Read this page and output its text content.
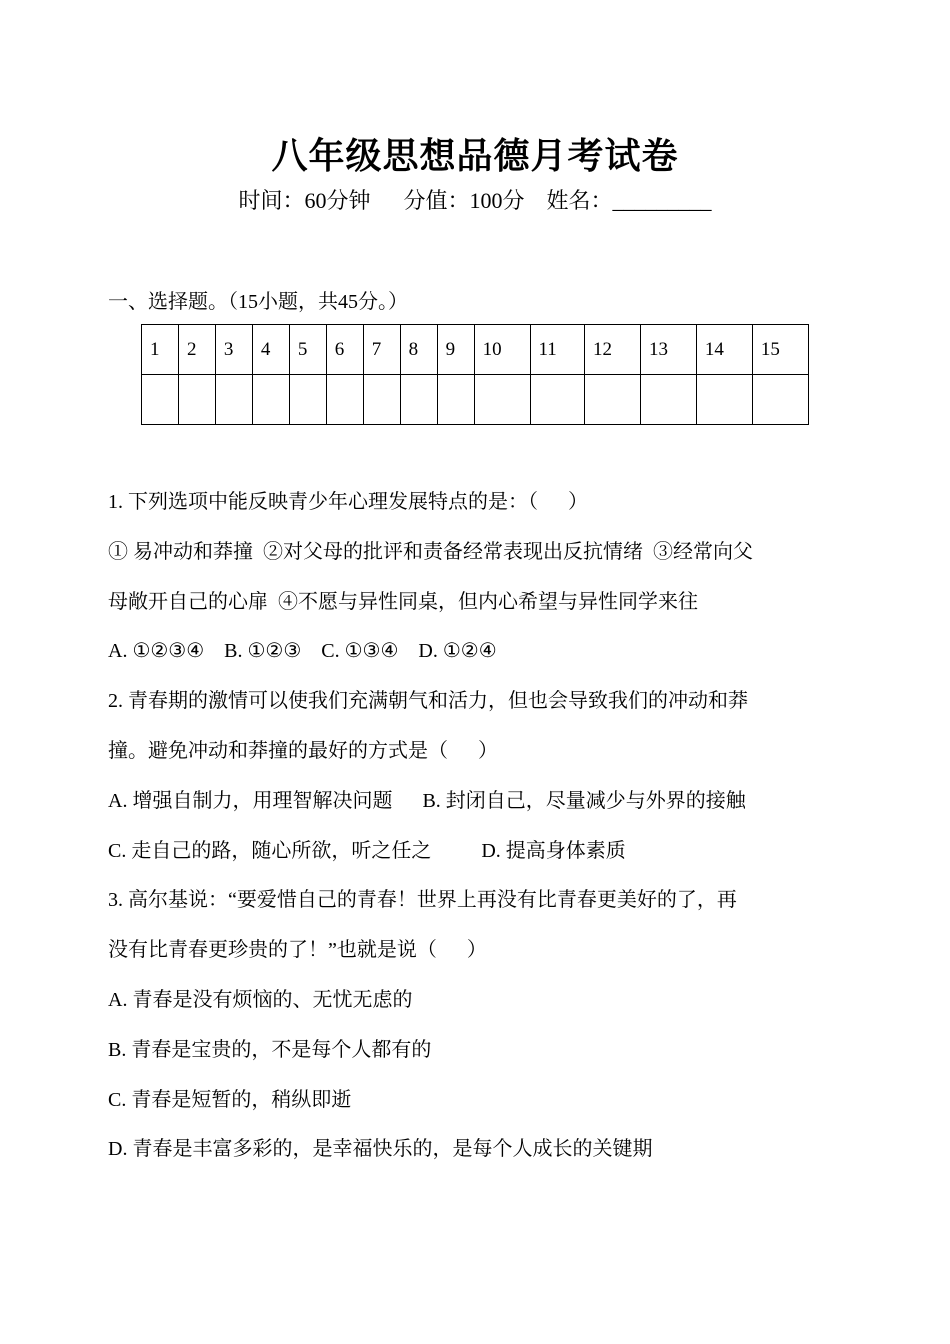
八年级思想品德月考试卷
时间：60分钟      分值：100分    姓名：_________
一、选择题。（15小题，共45分。）
1	2	3	4	5	6	7	8	9	10	11	12	13	14	15

1. 下列选项中能反映青少年心理发展特点的是：（      ）
① 易冲动和莽撞  ②对父母的批评和责备经常表现出反抗情绪  ③经常向父
母敞开自己的心扉  ④不愿与异性同桌，但内心希望与异性同学来往
A. ①②③④    B. ①②③    C. ①③④    D. ①②④
2. 青春期的激情可以使我们充满朝气和活力，但也会导致我们的冲动和莽
撞。避免冲动和莽撞的最好的方式是（      ）
A. 增强自制力，用理智解决问题      B. 封闭自己，尽量减少与外界的接触
C. 走自己的路，随心所欲，听之任之          D. 提高身体素质
3. 高尔基说：“要爱惜自己的青春！世界上再没有比青春更美好的了，再
没有比青春更珍贵的了！”也就是说（      ）
A. 青春是没有烦恼的、无忧无虑的
B. 青春是宝贵的，不是每个人都有的
C. 青春是短暂的，稍纵即逝
D. 青春是丰富多彩的，是幸福快乐的，是每个人成长的关键期
